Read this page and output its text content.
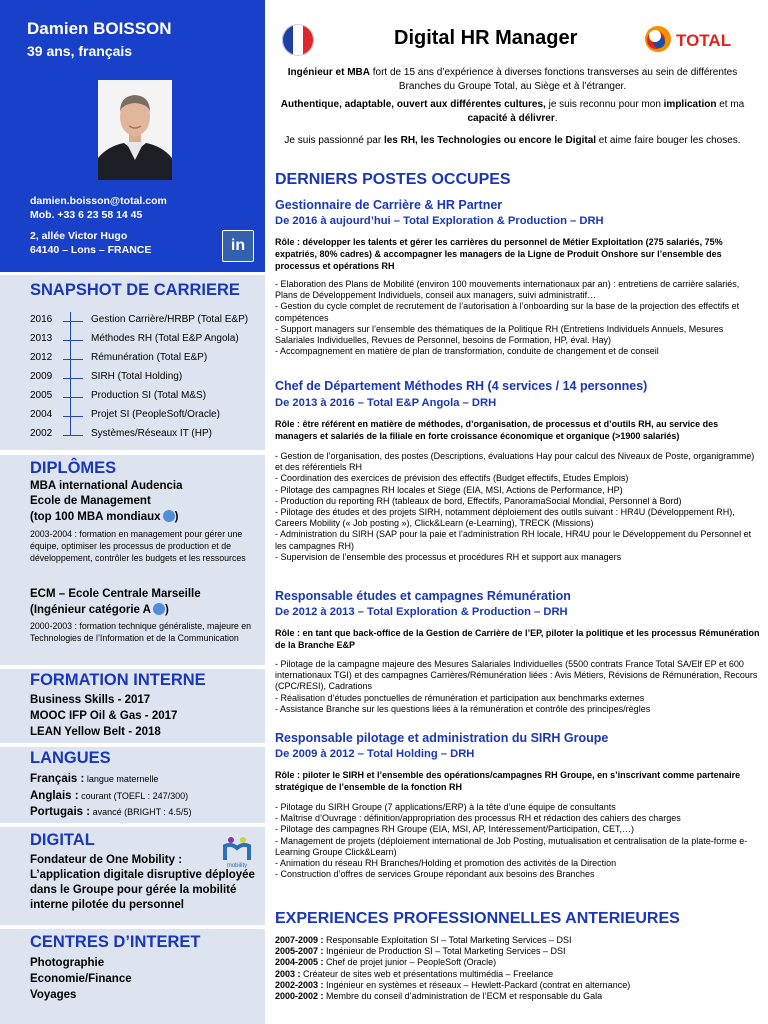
Damien BOISSON
39 ans, français
damien.boisson@total.com
Mob. +33 6 23 58 14 45
2, allée Victor Hugo
64140 – Lons – FRANCE	in
SNAPSHOT DE CARRIERE
2016	Gestion Carrière/HRBP (Total E&P)
2013	Méthodes RH (Total E&P Angola)
2012	Rémunération (Total E&P)
2009	SIRH (Total Holding)
2005	Production SI (Total M&S)
2004	Projet SI (PeopleSoft/Oracle)
2002	Systèmes/Réseaux IT (HP)
DIPLÔMES
MBA international Audencia
Ecole de Management
(top 100 MBA mondiaux )
2003-2004 : formation en management pour gérer une équipe, optimiser les processus de production et de développement, contrôler les budgets et les ressources
ECM – Ecole Centrale Marseille
(Ingénieur catégorie A )
2000-2003 : formation technique généraliste, majeure en Technologies de l’Information et de la Communication
FORMATION INTERNE
Business Skills - 2017
MOOC IFP Oil & Gas - 2017
LEAN Yellow Belt - 2018
LANGUES
Français : langue maternelle
Anglais : courant (TOEFL : 247/300)
Portugais : avancé (BRIGHT : 4.5/5)
DIGITAL
mobility
Fondateur de One Mobility : L’application digitale disruptive déployée dans le Groupe pour gérée la mobilité interne pilotée du personnel
CENTRES D’INTERET
Photographie
Economie/Finance
Voyages
Digital HR Manager	TOTAL
Ingénieur et MBA fort de 15 ans d’expérience à diverses fonctions transverses au sein de différentes Branches du Groupe Total, au Siège et à l’étranger.
Authentique, adaptable, ouvert aux différentes cultures, je suis reconnu pour mon implication et ma capacité à délivrer.
Je suis passionné par les RH, les Technologies ou encore le Digital et aime faire bouger les choses.
DERNIERS POSTES OCCUPES
Gestionnaire de Carrière & HR Partner
De 2016 à aujourd’hui – Total Exploration & Production – DRH
Rôle : développer les talents et gérer les carrières du personnel de Métier Exploitation (275 salariés, 75% expatriés, 80% cadres) & accompagner les managers de la Ligne de Produit Onshore sur l’ensemble des processus et opérations RH
- Elaboration des Plans de Mobilité (environ 100 mouvements internationaux par an) : entretiens de carrière salariés, Plans de Développement Individuels, conseil aux managers, suivi administratif…
- Gestion du cycle complet de recrutement de l’autorisation à l’onboarding sur la base de la projection des effectifs et compétences
- Support managers sur l’ensemble des thématiques de la Politique RH (Entretiens Individuels Annuels, Mesures Salariales Individuelles, Revues de Personnel, besoins de Formation, HP, éval. Hay)
- Accompagnement en matière de plan de transformation, conduite de changement et de conseil
Chef de Département Méthodes RH (4 services / 14 personnes)
De 2013 à 2016 – Total E&P Angola – DRH
Rôle : être référent en matière de méthodes, d’organisation, de processus et d’outils RH, au service des managers et salariés de la filiale en forte croissance économique et organique (>1900 salariés)
- Gestion de l’organisation, des postes (Descriptions, évaluations Hay pour calcul des Niveaux de Poste, organigramme) et des référentiels RH
- Coordination des exercices de prévision des effectifs (Budget effectifs, Etudes Emplois)
- Pilotage des campagnes RH locales et Siège (EIA, MSI, Actions de Performance, HP)
- Production du reporting RH (tableaux de bord, Effectifs, PanoramaSocial Mondial, Personnel à Bord)
- Pilotage des études et des projets SIRH, notamment déploiement des outils suivant : HR4U (Développement RH), Careers Mobility (« Job posting »), Click&Learn (e-Learning), TRECK (Missions)
- Administration du SIRH (SAP pour la paie et l’administration RH locale, HR4U pour le Développement du Personnel et les campagnes RH)
- Supervision de l’ensemble des processus et procédures RH et support aux managers
Responsable études et campagnes Rémunération
De 2012 à 2013 – Total Exploration & Production – DRH
Rôle : en tant que back-office de la Gestion de Carrière de l’EP, piloter la politique et les processus Rémunération de la Branche E&P
- Pilotage de la campagne majeure des Mesures Salariales Individuelles (5500 contrats France Total SA/Elf EP et 600 internationaux TGI) et des campagnes Carrières/Rémunération liées : Avis Métiers, Révisions de Rémunération, Recours (CPC/RESI), Cadrations
- Réalisation d’études ponctuelles de rémunération et participation aux benchmarks externes
- Assistance Branche sur les questions liées à la rémunération et contrôle des principes/règles
Responsable pilotage et administration du SIRH Groupe
De 2009 à 2012 – Total Holding – DRH
Rôle : piloter le SIRH et l’ensemble des opérations/campagnes RH Groupe, en s’inscrivant comme partenaire stratégique de l’ensemble de la fonction RH
- Pilotage du SIRH Groupe (7 applications/ERP) à la tête d’une équipe de consultants
- Maîtrise d’Ouvrage : définition/appropriation des processus RH et rédaction des cahiers des charges
- Pilotage des campagnes RH Groupe (EIA, MSI, AP, Intéressement/Participation, CET,…)
- Management de projets (déploiement international de Job Posting, mutualisation et centralisation de la plate-forme e-Learning Groupe Click&Learn)
- Animation du réseau RH Branches/Holding et promotion des activités de la Direction
- Construction d’offres de services Groupe répondant aux besoins des Branches
EXPERIENCES PROFESSIONNELLES ANTERIEURES
2007-2009 : Responsable Exploitation SI – Total Marketing Services – DSI
2005-2007 : Ingénieur de Production SI – Total Marketing Services – DSI
2004-2005 : Chef de projet junior – PeopleSoft (Oracle)
2003 : Créateur de sites web et présentations multimédia – Freelance
2002-2003 : Ingénieur en systèmes et réseaux – Hewlett-Packard (contrat en alternance)
2000-2002 : Membre du conseil d’administration de l’ECM et responsable du Gala
